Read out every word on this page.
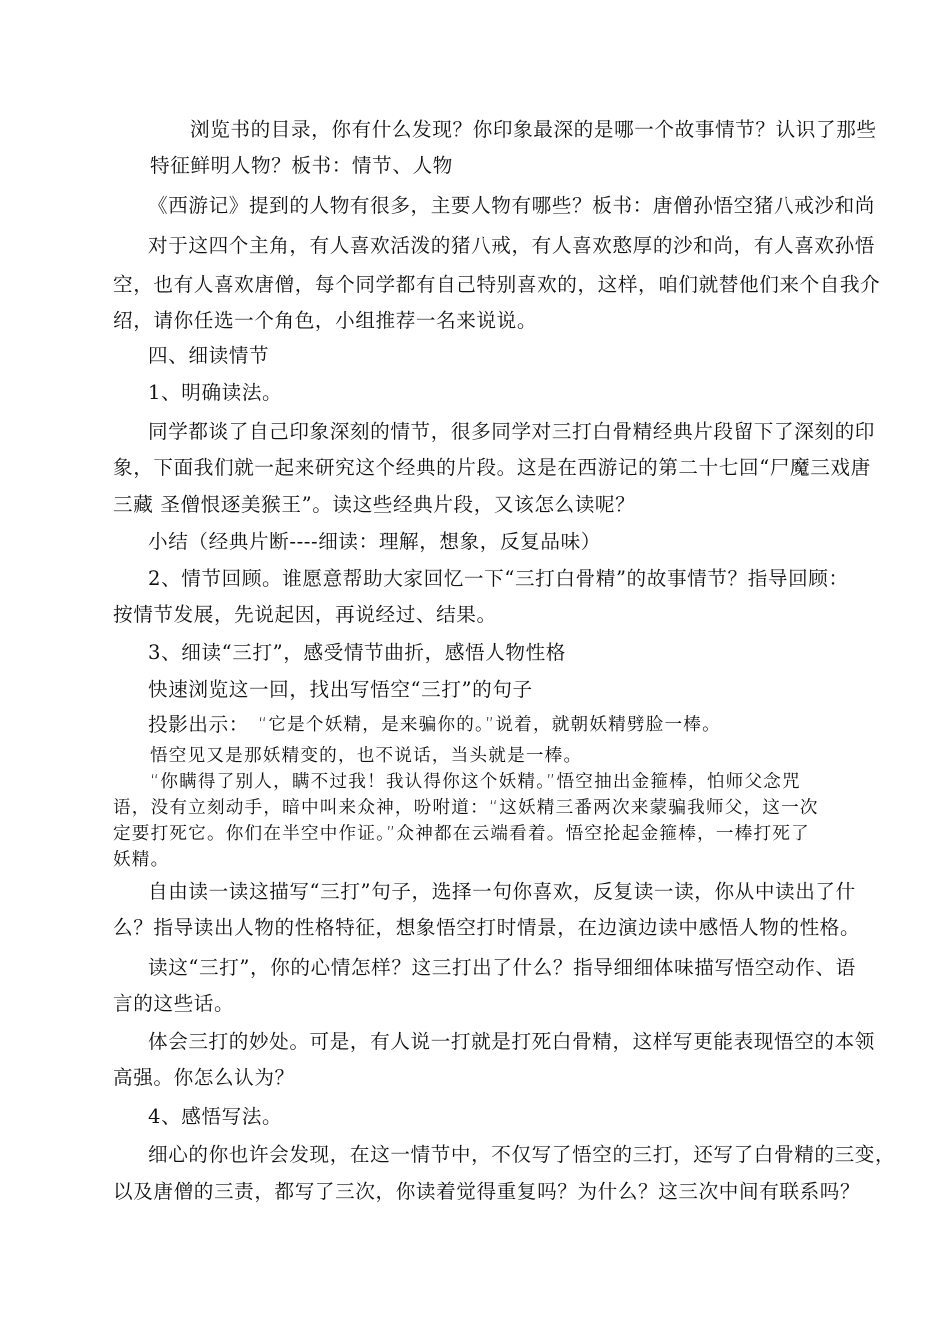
浏览书的目录，你有什么发现？你印象最深的是哪一个故事情节？认识了那些

特征鲜明人物？板书：情节、人物

《西游记》提到的人物有很多，主要人物有哪些？板书：唐僧孙悟空猪八戒沙和尚

对于这四个主角，有人喜欢活泼的猪八戒，有人喜欢憨厚的沙和尚，有人喜欢孙悟

空，也有人喜欢唐僧，每个同学都有自己特别喜欢的，这样，咱们就替他们来个自我介

绍，请你任选一个角色，小组推荐一名来说说。

四、细读情节

1、明确读法。

同学都谈了自己印象深刻的情节，很多同学对三打白骨精经典片段留下了深刻的印

象，下面我们就一起来研究这个经典的片段。这是在西游记的第二十七回“尸魔三戏唐

三藏 圣僧恨逐美猴王”。读这些经典片段，又该怎么读呢？

小结（经典片断----细读：理解，想象，反复品味）

2、情节回顾。谁愿意帮助大家回忆一下“三打白骨精”的故事情节？指导回顾：

按情节发展，先说起因，再说经过、结果。

3、细读“三打”，感受情节曲折，感悟人物性格

快速浏览这一回，找出写悟空“三打”的句子

投影出示： “它是个妖精，是来骗你的。”说着，就朝妖精劈脸一棒。

悟空见又是那妖精变的，也不说话，当头就是一棒。

“你瞒得了别人，瞒不过我！我认得你这个妖精。”悟空抽出金箍棒，怕师父念咒

语，没有立刻动手，暗中叫来众神，吩咐道：“这妖精三番两次来蒙骗我师父，这一次

定要打死它。你们在半空中作证。”众神都在云端看着。悟空抡起金箍棒，一棒打死了

妖精。

自由读一读这描写“三打”句子，选择一句你喜欢，反复读一读，你从中读出了什

么？指导读出人物的性格特征，想象悟空打时情景，在边演边读中感悟人物的性格。

读这“三打”，你的心情怎样？这三打出了什么？指导细细体味描写悟空动作、语

言的这些话。

体会三打的妙处。可是，有人说一打就是打死白骨精，这样写更能表现悟空的本领

高强。你怎么认为？

4、感悟写法。

细心的你也许会发现，在这一情节中，不仅写了悟空的三打，还写了白骨精的三变，

以及唐僧的三责，都写了三次，你读着觉得重复吗？为什么？这三次中间有联系吗？
